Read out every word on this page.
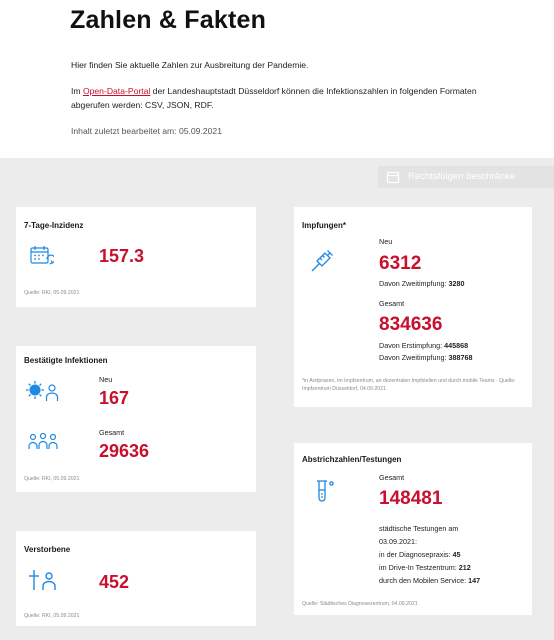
Zahlen & Fakten

Hier finden Sie aktuelle Zahlen zur Ausbreitung der Pandemie.

Im Open-Data-Portal der Landeshauptstadt Düsseldorf können die Infektionszahlen in folgenden Formaten abgerufen werden: CSV, JSON, RDF.

Inhalt zuletzt bearbeitet am: 05.09.2021

Rechtsfolgen beschränke
7-Tage-Inzidenz
157.3
Quelle: RKI, 05.09.2021
Bestätigte Infektionen
Neu
167
Gesamt
29636
Quelle: RKI, 05.09.2021
Verstorbene
452
Quelle: RKI, 05.09.2021
Impfungen*
Neu
6312
Davon Zweitimpfung: 3280
Gesamt
834636
Davon Erstimpfung: 445868
Davon Zweitimpfung: 388768
*in Arztpraxen, im Impfzentrum, an dezentralen Impfstellen und durch mobile Teams · Quelle: Impfzentrum Düsseldorf, 04.09.2021
Abstrichzahlen/Testungen
Gesamt
148481
städtische Testungen am
03.09.2021:
in der Diagnosepraxis: 45
im Drive-In Testzentrum: 212
durch den Mobilen Service: 147
Quelle: Städtisches Diagnosezentrum, 04.09.2021
